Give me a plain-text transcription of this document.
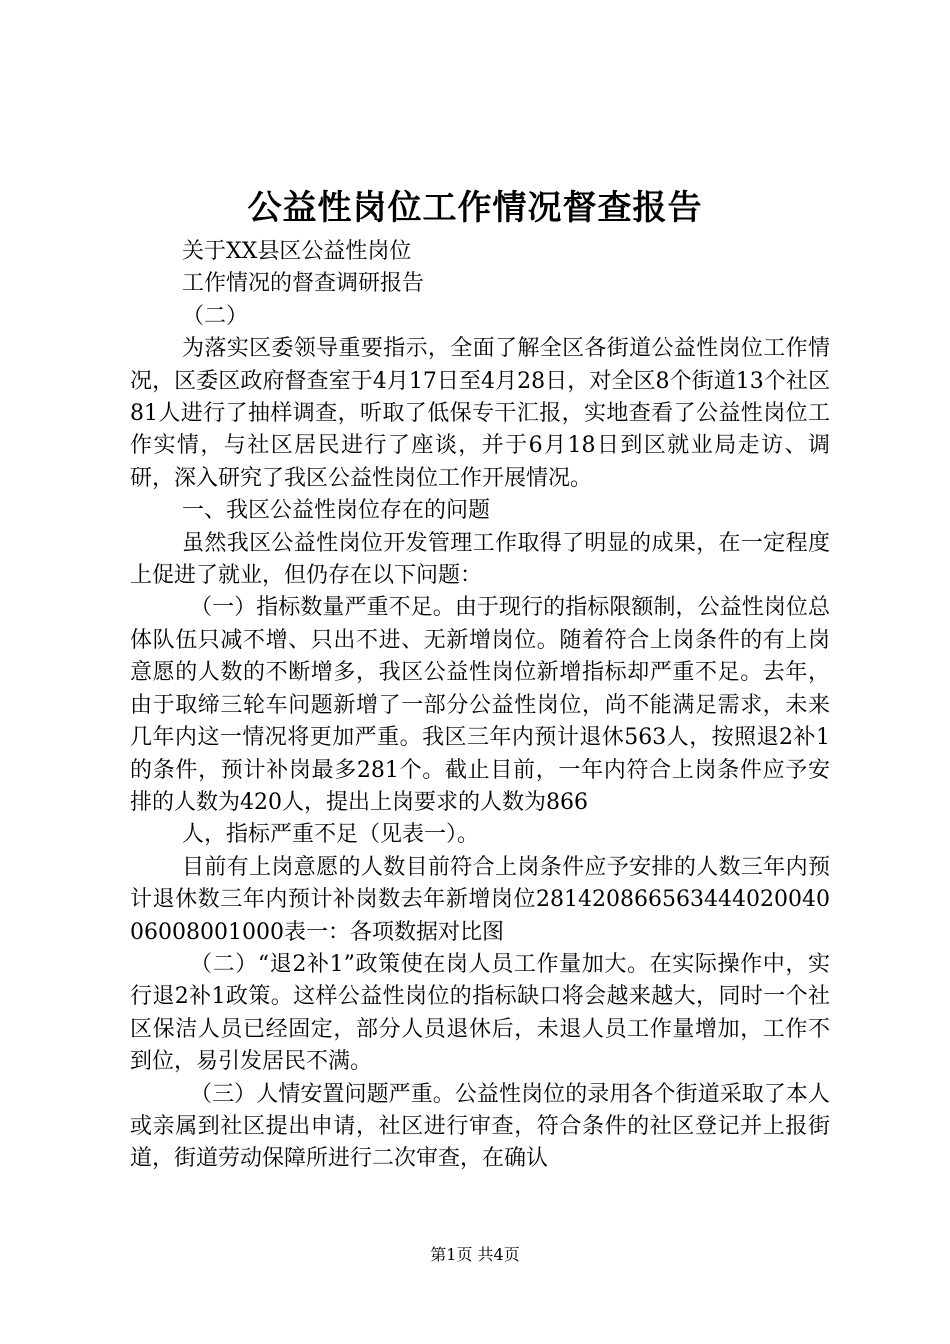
公益性岗位工作情况督查报告

关于XX县区公益性岗位

工作情况的督查调研报告

（二）

为落实区委领导重要指示，全面了解全区各街道公益性岗位工作情况，区委区政府督查室于4月17日至4月28日，对全区8个街道13个社区81人进行了抽样调查，听取了低保专干汇报，实地查看了公益性岗位工作实情，与社区居民进行了座谈，并于6月18日到区就业局走访、调研，深入研究了我区公益性岗位工作开展情况。

一、我区公益性岗位存在的问题

虽然我区公益性岗位开发管理工作取得了明显的成果，在一定程度上促进了就业，但仍存在以下问题：

（一）指标数量严重不足。由于现行的指标限额制，公益性岗位总体队伍只减不增、只出不进、无新增岗位。随着符合上岗条件的有上岗意愿的人数的不断增多，我区公益性岗位新增指标却严重不足。去年，由于取缔三轮车问题新增了一部分公益性岗位，尚不能满足需求，未来几年内这一情况将更加严重。我区三年内预计退休563人，按照退2补1的条件，预计补岗最多281个。截止目前，一年内符合上岗条件应予安排的人数为420人，提出上岗要求的人数为866

人，指标严重不足（见表一）。

目前有上岗意愿的人数目前符合上岗条件应予安排的人数三年内预计退休数三年内预计补岗数去年新增岗位28142086656344402004006008001000表一：各项数据对比图

（二）“退2补1”政策使在岗人员工作量加大。在实际操作中，实行退2补1政策。这样公益性岗位的指标缺口将会越来越大，同时一个社区保洁人员已经固定，部分人员退休后，未退人员工作量增加，工作不到位，易引发居民不满。

（三）人情安置问题严重。公益性岗位的录用各个街道采取了本人或亲属到社区提出申请，社区进行审查，符合条件的社区登记并上报街道，街道劳动保障所进行二次审查，在确认

第1页 共4页
